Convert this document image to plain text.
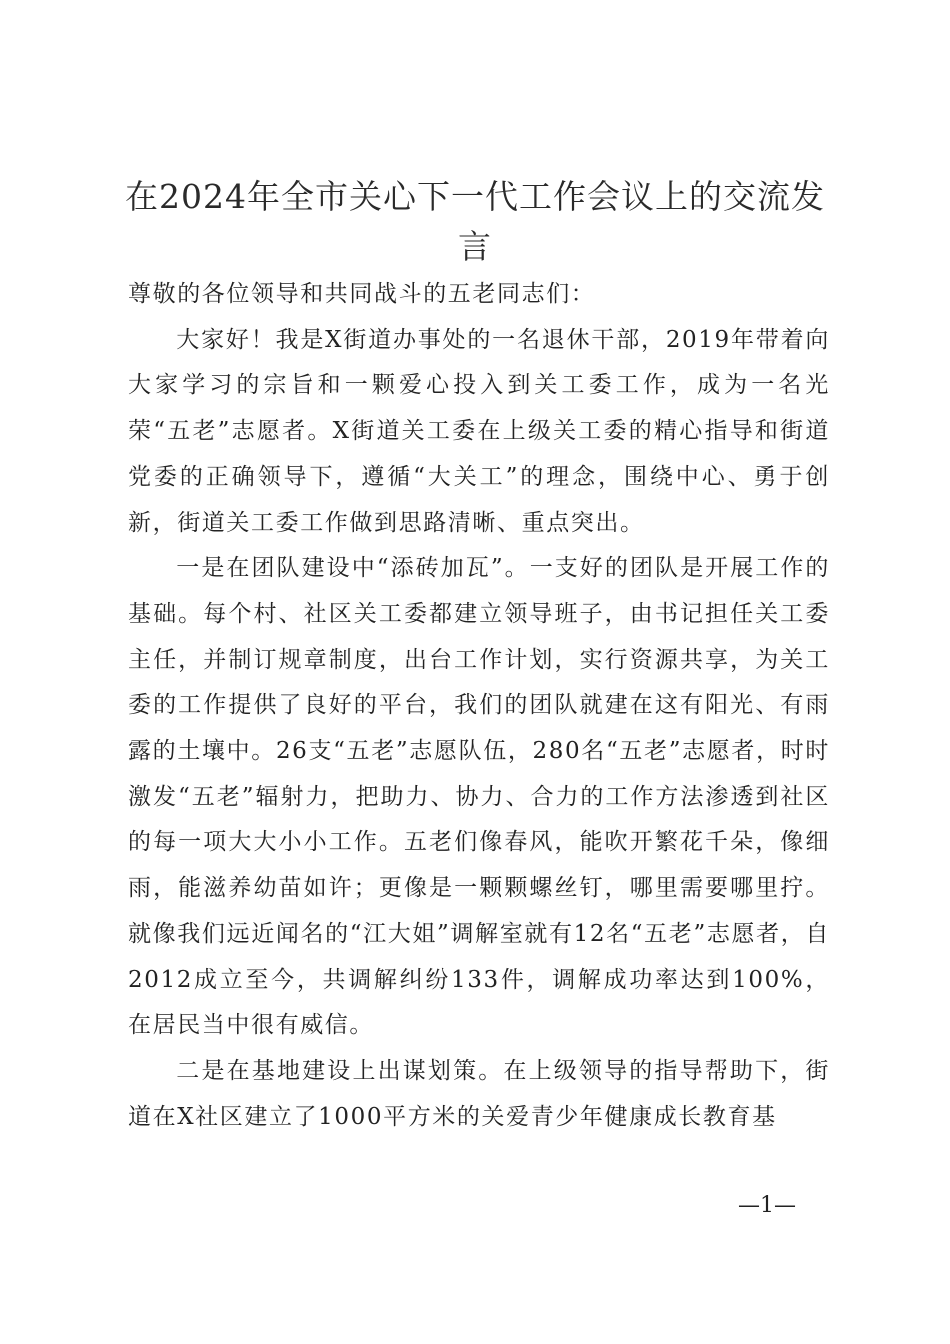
在2024年全市关心下一代工作会议上的交流发言

尊敬的各位领导和共同战斗的五老同志们：

大家好！我是X街道办事处的一名退休干部，2019年带着向大家学习的宗旨和一颗爱心投入到关工委工作，成为一名光荣“五老”志愿者。X街道关工委在上级关工委的精心指导和街道党委的正确领导下，遵循“大关工”的理念，围绕中心、勇于创新，街道关工委工作做到思路清晰、重点突出。

一是在团队建设中“添砖加瓦”。一支好的团队是开展工作的基础。每个村、社区关工委都建立领导班子，由书记担任关工委主任，并制订规章制度，出台工作计划，实行资源共享，为关工委的工作提供了良好的平台，我们的团队就建在这有阳光、有雨露的土壤中。26支“五老”志愿队伍，280名“五老”志愿者，时时激发“五老”辐射力，把助力、协力、合力的工作方法渗透到社区的每一项大大小小工作。五老们像春风，能吹开繁花千朵，像细雨，能滋养幼苗如许；更像是一颗颗螺丝钉，哪里需要哪里拧。就像我们远近闻名的“江大姐”调解室就有12名“五老”志愿者，自2012成立至今，共调解纠纷133件，调解成功率达到100%，在居民当中很有威信。

二是在基地建设上出谋划策。在上级领导的指导帮助下，街道在X社区建立了1000平方米的关爱青少年健康成长教育基

—1—
